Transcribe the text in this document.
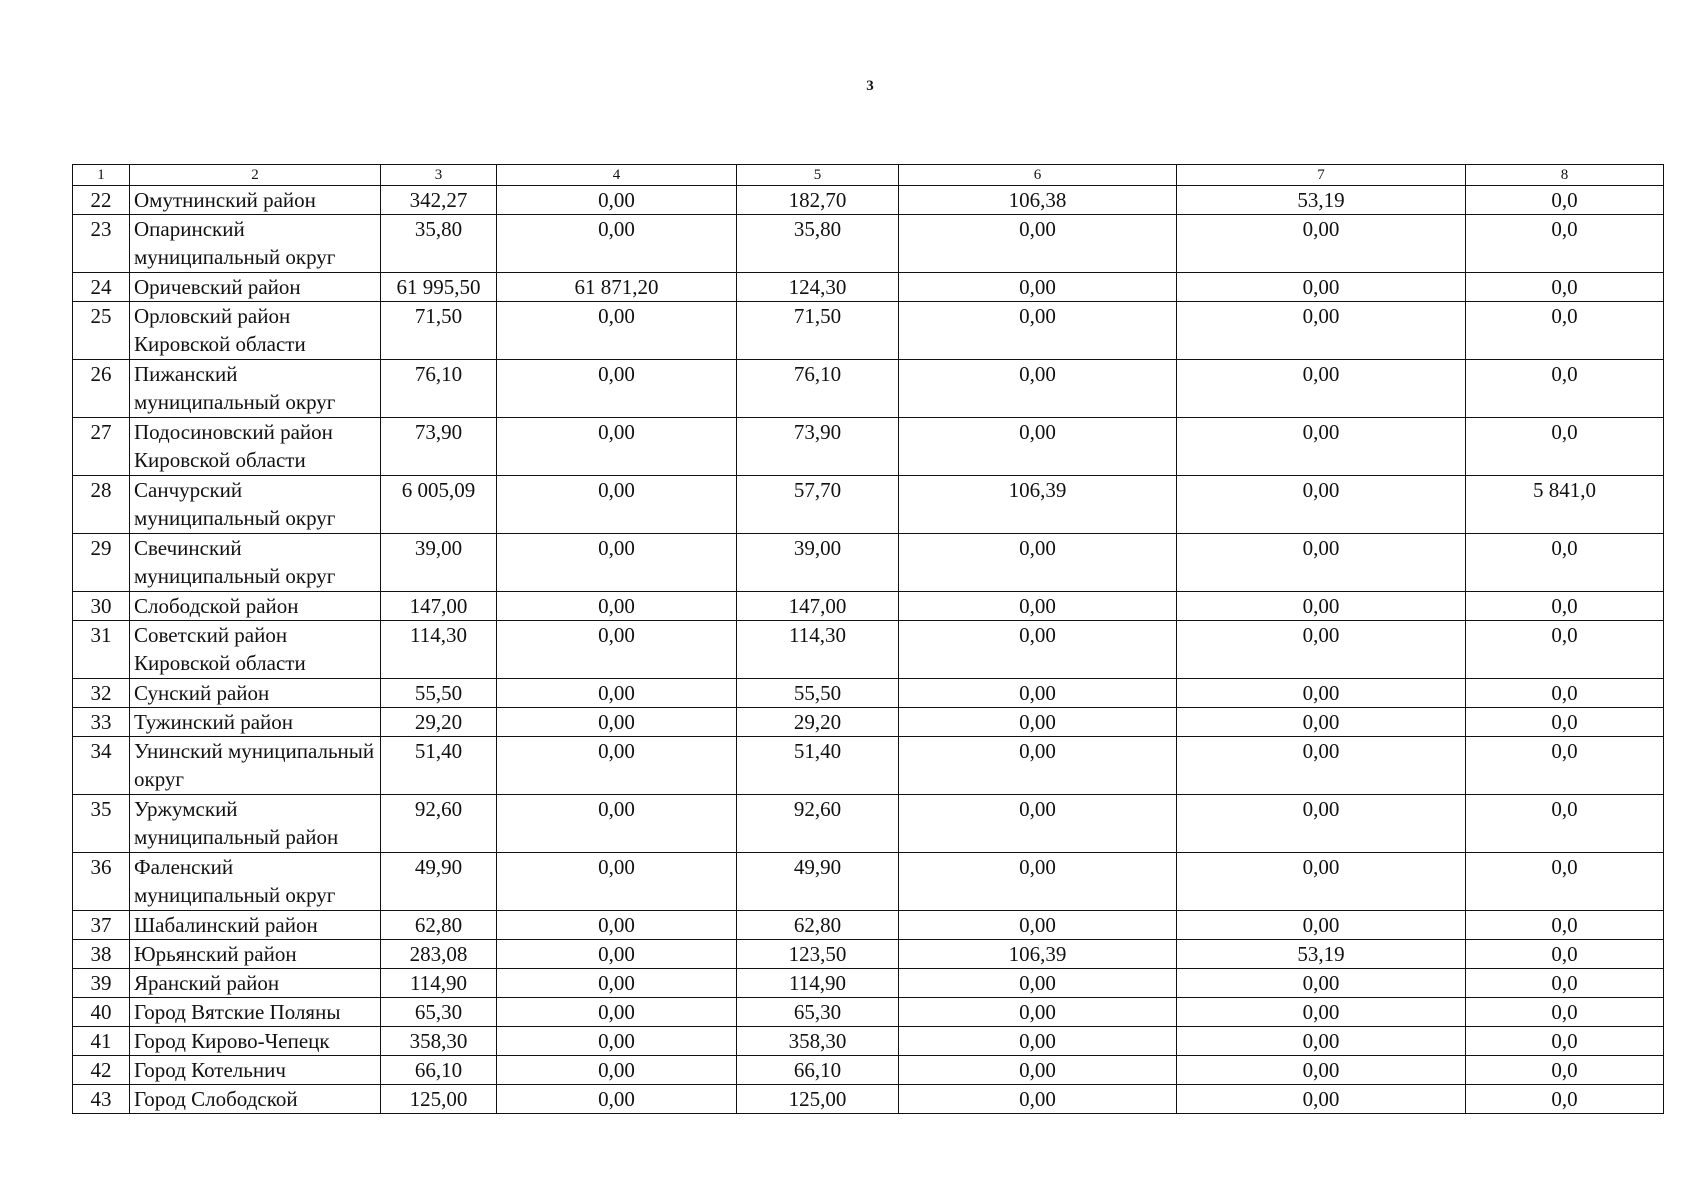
3
1	2	3	4	5	6	7	8
22	Омутнинский район	342,27	0,00	182,70	106,38	53,19	0,0
23	Опаринский муниципальный округ	35,80	0,00	35,80	0,00	0,00	0,0
24	Оричевский район	61 995,50	61 871,20	124,30	0,00	0,00	0,0
25	Орловский район Кировской области	71,50	0,00	71,50	0,00	0,00	0,0
26	Пижанский муниципальный округ	76,10	0,00	76,10	0,00	0,00	0,0
27	Подосиновский район Кировской области	73,90	0,00	73,90	0,00	0,00	0,0
28	Санчурский муниципальный округ	6 005,09	0,00	57,70	106,39	0,00	5 841,0
29	Свечинский муниципальный округ	39,00	0,00	39,00	0,00	0,00	0,0
30	Слободской район	147,00	0,00	147,00	0,00	0,00	0,0
31	Советский район Кировской области	114,30	0,00	114,30	0,00	0,00	0,0
32	Сунский район	55,50	0,00	55,50	0,00	0,00	0,0
33	Тужинский район	29,20	0,00	29,20	0,00	0,00	0,0
34	Унинский муниципальный округ	51,40	0,00	51,40	0,00	0,00	0,0
35	Уржумский муниципальный район	92,60	0,00	92,60	0,00	0,00	0,0
36	Фаленский муниципальный округ	49,90	0,00	49,90	0,00	0,00	0,0
37	Шабалинский район	62,80	0,00	62,80	0,00	0,00	0,0
38	Юрьянский район	283,08	0,00	123,50	106,39	53,19	0,0
39	Яранский район	114,90	0,00	114,90	0,00	0,00	0,0
40	Город Вятские Поляны	65,30	0,00	65,30	0,00	0,00	0,0
41	Город Кирово-Чепецк	358,30	0,00	358,30	0,00	0,00	0,0
42	Город Котельнич	66,10	0,00	66,10	0,00	0,00	0,0
43	Город Слободской	125,00	0,00	125,00	0,00	0,00	0,0
